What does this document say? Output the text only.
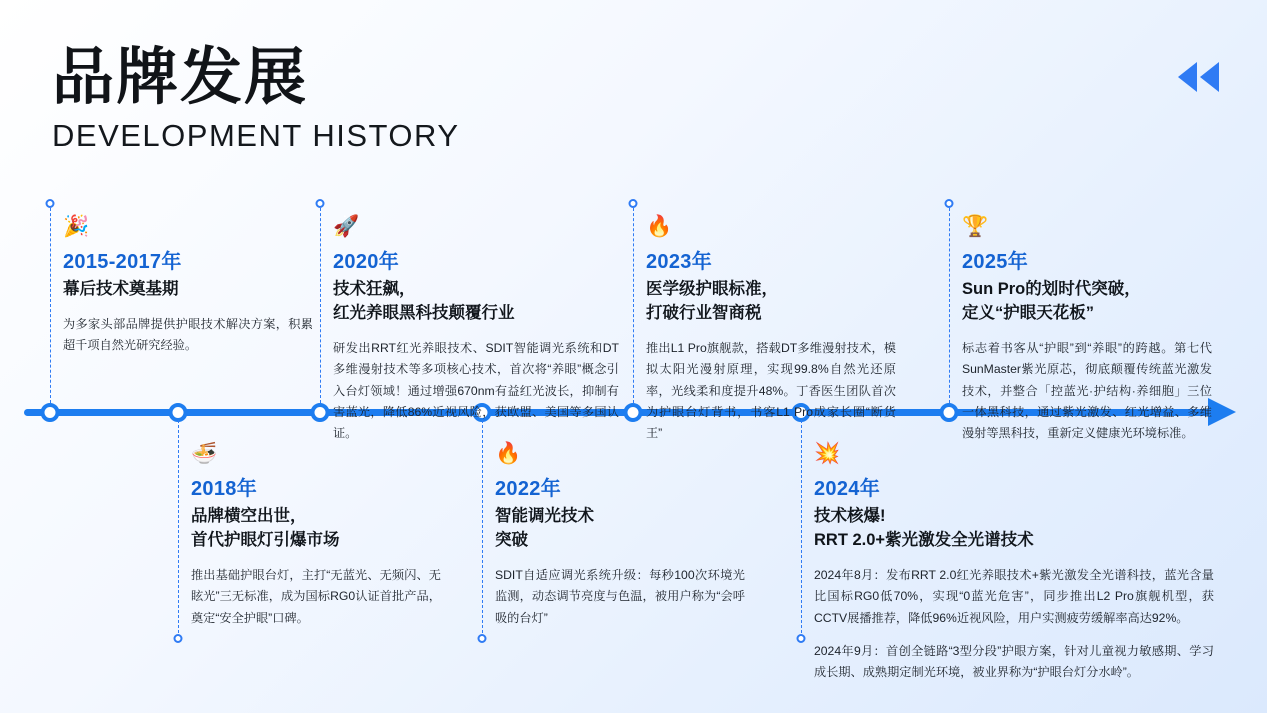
品牌发展
DEVELOPMENT HISTORY
🎉
2015-2017年
幕后技术奠基期

为多家头部品牌提供护眼技术解决方案，积累超千项自然光研究经验。

🍜
2018年
品牌横空出世，
首代护眼灯引爆市场

推出基础护眼台灯，主打“无蓝光、无频闪、无眩光”三无标准，成为国标RG0认证首批产品，奠定“安全护眼”口碑。

🚀
2020年
技术狂飙，
红光养眼黑科技颠覆行业

研发出RRT红光养眼技术、SDIT智能调光系统和DT多维漫射技术等多项核心技术，首次将“养眼”概念引入台灯领域！通过增强670nm有益红光波长，抑制有害蓝光，降低86%近视风险，获欧盟、美国等多国认证。

🔥
2022年
智能调光技术
突破

SDIT自适应调光系统升级：每秒100次环境光监测，动态调节亮度与色温，被用户称为“会呼吸的台灯”

🔥
2023年
医学级护眼标准，
打破行业智商税

推出L1 Pro旗舰款，搭载DT多维漫射技术，模拟太阳光漫射原理，实现99.8%自然光还原率，光线柔和度提升48%。丁香医生团队首次为护眼台灯背书，书客L1 Pro成家长圈“断货王”

💥
2024年
技术核爆!
RRT 2.0+紫光激发全光谱技术

2024年8月：发布RRT 2.0红光养眼技术+紫光激发全光谱科技，蓝光含量比国标RG0低70%，实现“0蓝光危害”，同步推出L2 Pro旗舰机型，获CCTV展播推荐，降低96%近视风险，用户实测疲劳缓解率高达92%。

2024年9月：首创全链路“3型分段”护眼方案，针对儿童视力敏感期、学习成长期、成熟期定制光环境，被业界称为“护眼台灯分水岭”。

🏆
2025年
Sun Pro的划时代突破，
定义“护眼天花板”

标志着书客从“护眼”到“养眼”的跨越。第七代SunMaster紫光原芯，彻底颠覆传统蓝光激发技术，并整合「控蓝光·护结构·养细胞」三位一体黑科技，通过紫光激发、红光增益、多维漫射等黑科技，重新定义健康光环境标准。
